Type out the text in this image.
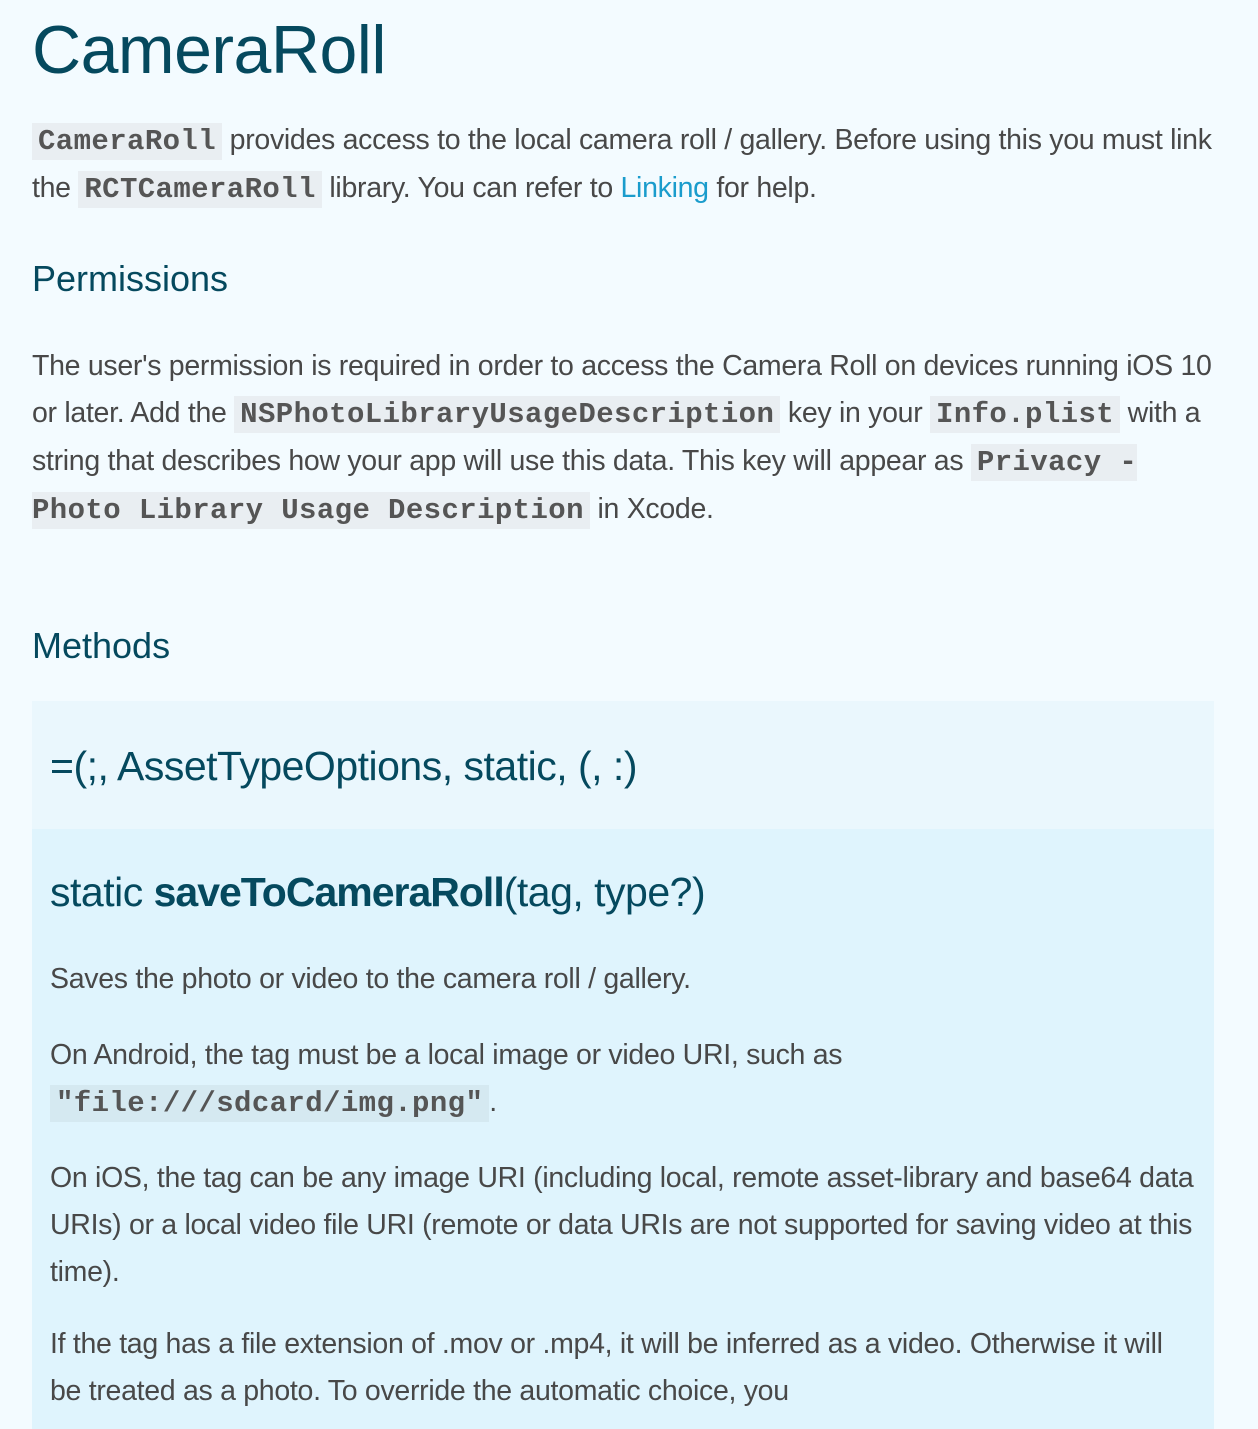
CameraRoll

CameraRoll provides access to the local camera roll / gallery. Before using this you must link the RCTCameraRoll library. You can refer to Linking for help.

Permissions

The user's permission is required in order to access the Camera Roll on devices running iOS 10 or later. Add the NSPhotoLibraryUsageDescription key in your Info.plist with a string that describes how your app will use this data. This key will appear as Privacy - Photo Library Usage Description in Xcode.

Methods
=(;, AssetTypeOptions, static, (, :)
static saveToCameraRoll(tag, type?)

Saves the photo or video to the camera roll / gallery.

On Android, the tag must be a local image or video URI, such as "file:///sdcard/img.png" .

On iOS, the tag can be any image URI (including local, remote asset-library and base64 data URIs) or a local video file URI (remote or data URIs are not supported for saving video at this time).

If the tag has a file extension of .mov or .mp4, it will be inferred as a video. Otherwise it will be treated as a photo. To override the automatic choice, you
